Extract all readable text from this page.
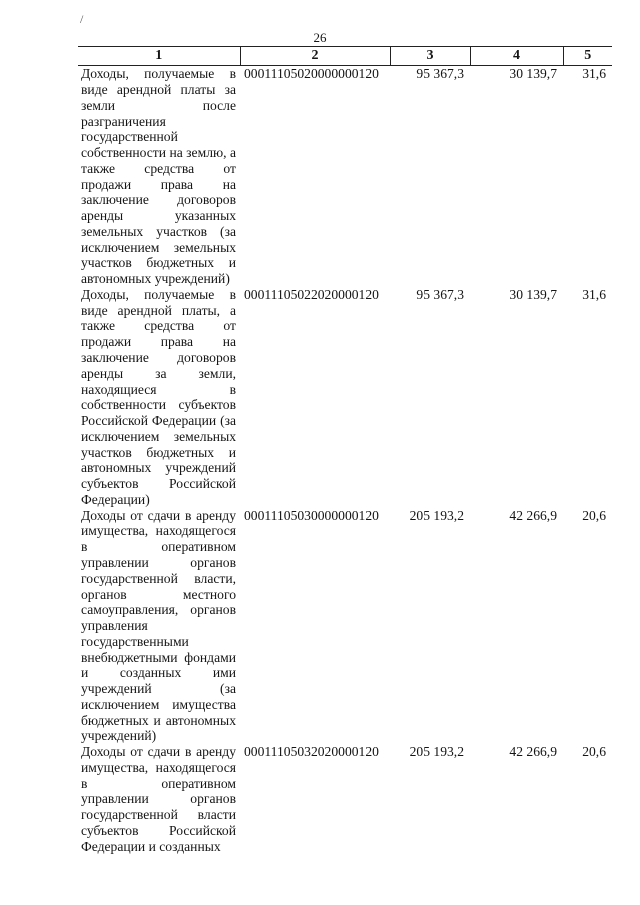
/
26
1	2	3	4	5
Доходы, получаемые в виде арендной платы за земли после разграничения государственной собственности на землю, а также средства от продажи права на заключение договоров аренды указанных земельных участков (за исключением земельных участков бюджетных и автономных учреждений)	00011105020000000120	95 367,3	30 139,7	31,6
Доходы, получаемые в виде арендной платы, а также средства от продажи права на заключение договоров аренды за земли, находящиеся в собственности субъектов Российской Федерации (за исключением земельных участков бюджетных и автономных учреждений субъектов Российской Федерации)	00011105022020000120	95 367,3	30 139,7	31,6
Доходы от сдачи в аренду имущества, находящегося в оперативном управлении органов государственной власти, органов местного самоуправления, органов управления государственными внебюджетными фондами и созданных ими учреждений (за исключением имущества бюджетных и автономных учреждений)	00011105030000000120	205 193,2	42 266,9	20,6
Доходы от сдачи в аренду имущества, находящегося в оперативном управлении органов государственной власти субъектов Российской Федерации и созданных	00011105032020000120	205 193,2	42 266,9	20,6
